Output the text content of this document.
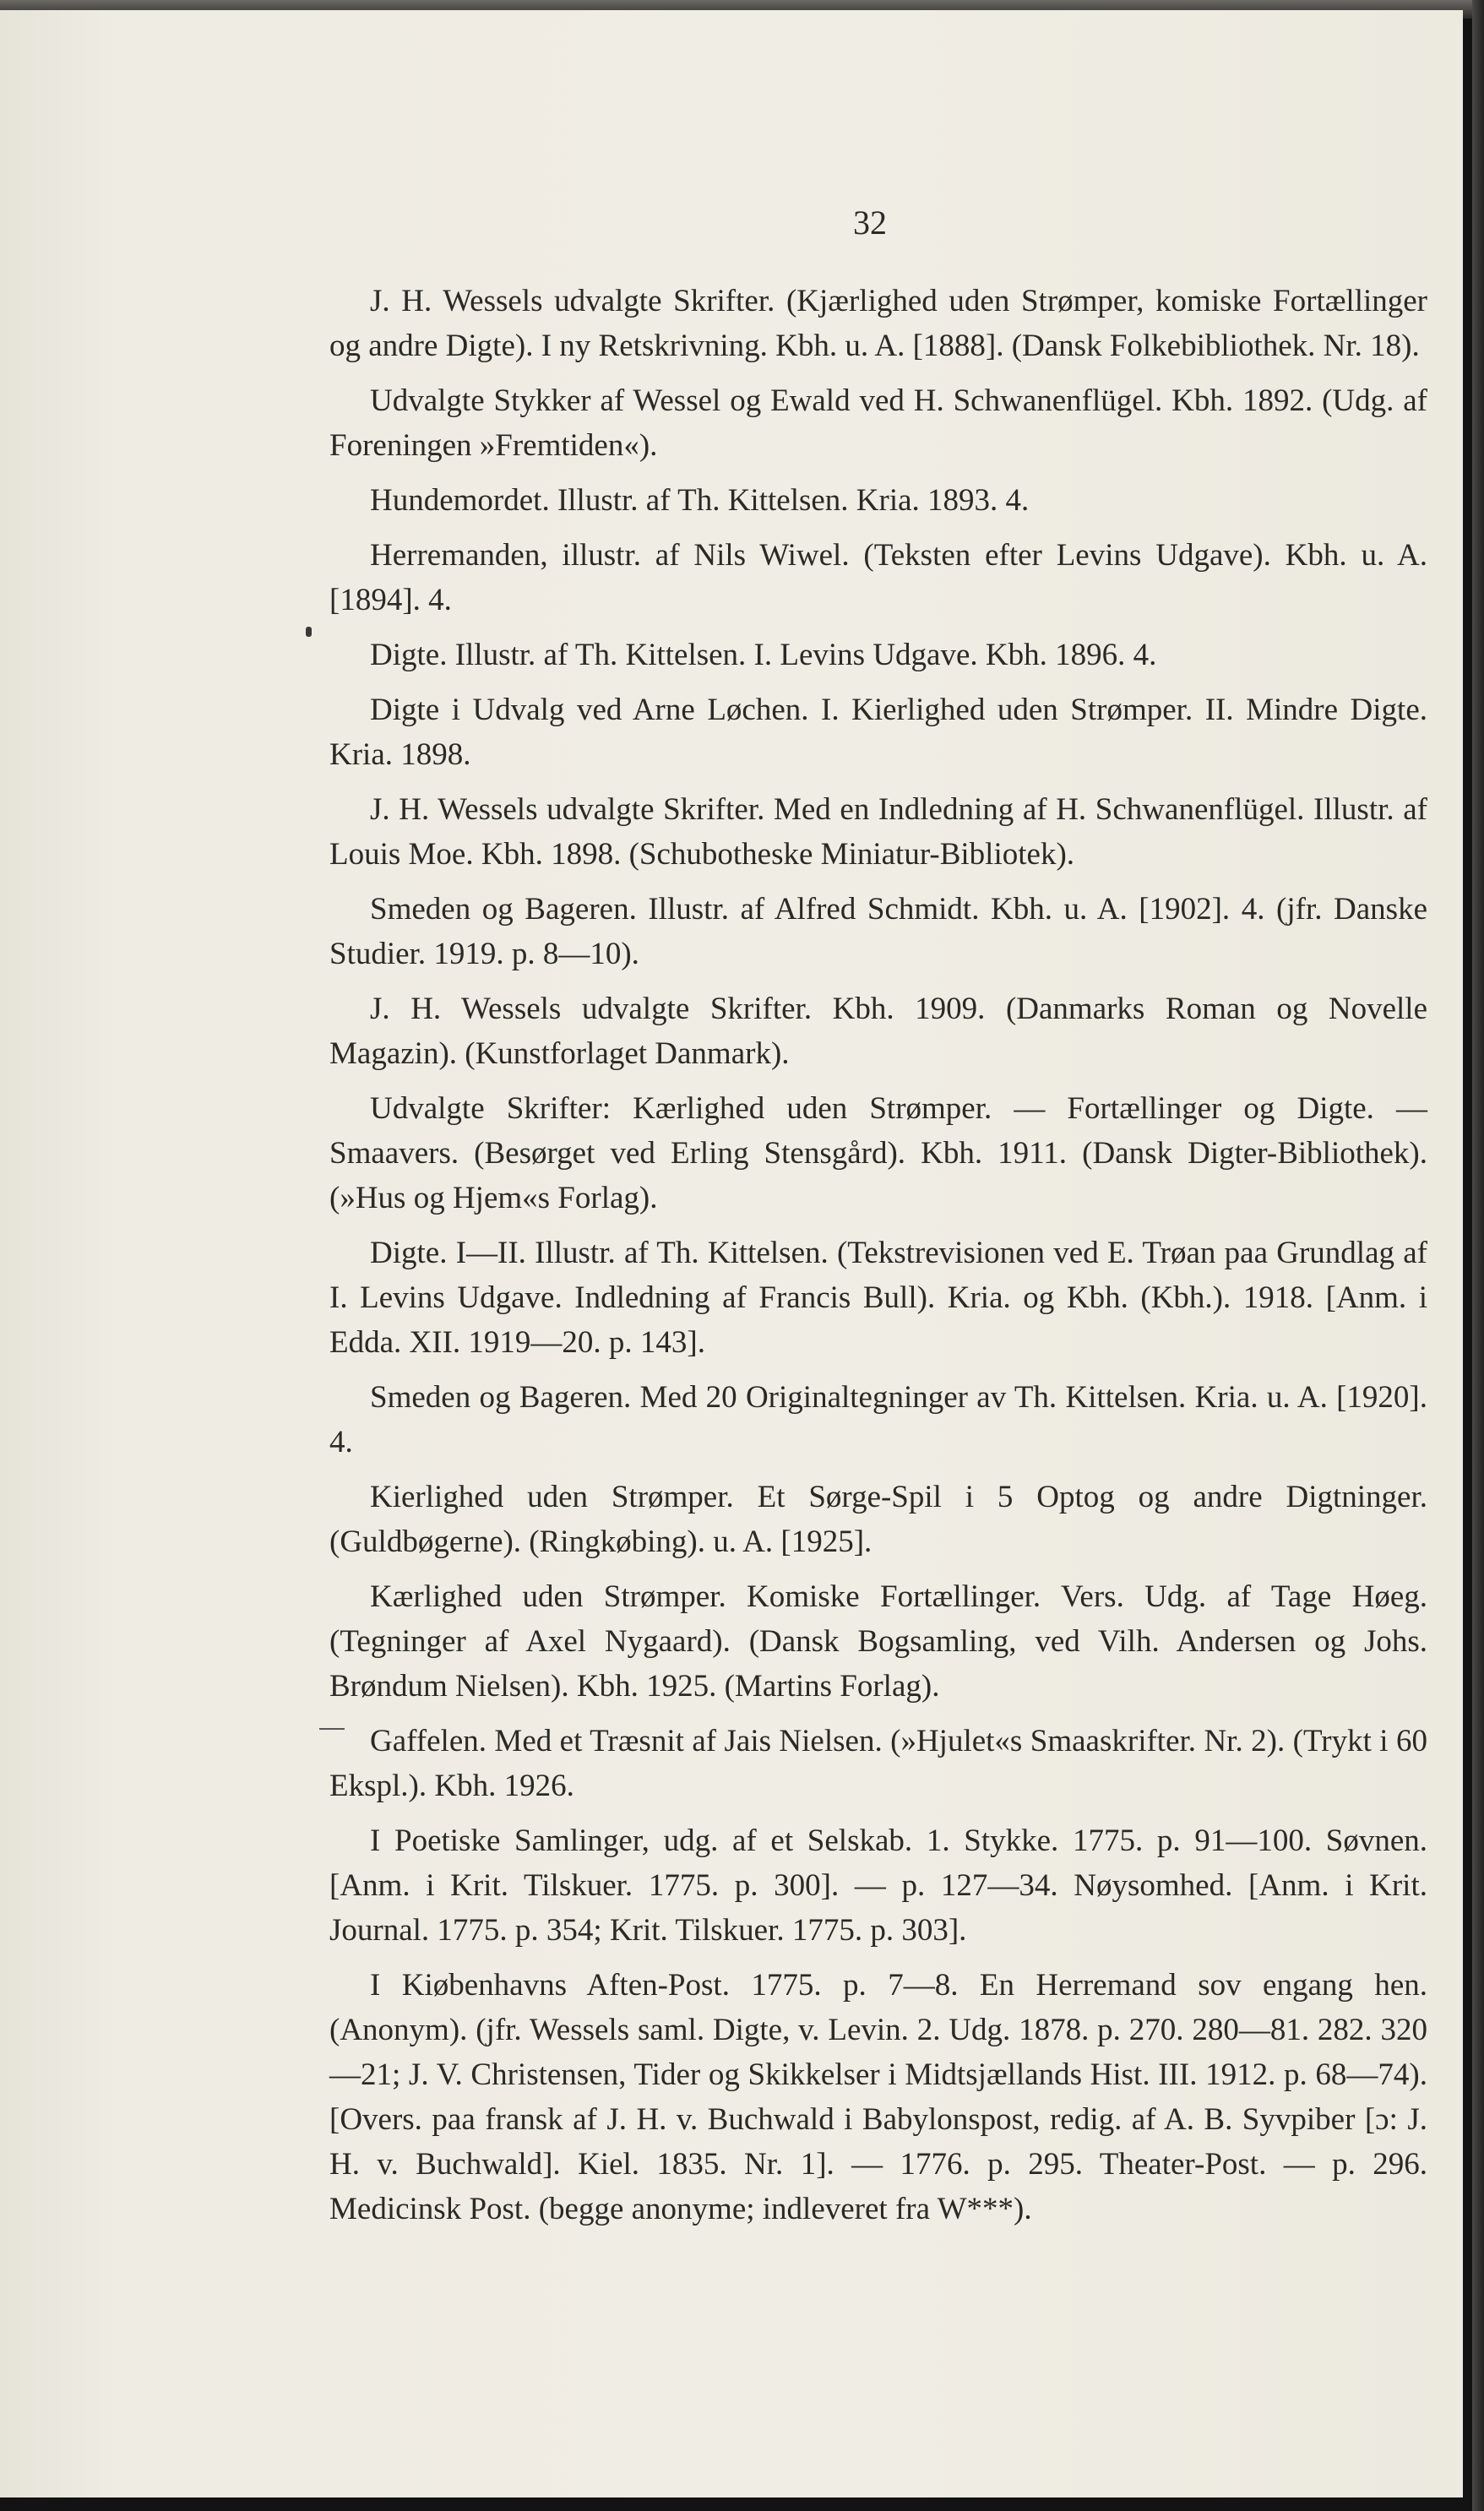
32

J. H. Wessels udvalgte Skrifter. (Kjærlighed uden Strømper, komiske Fortællinger og andre Digte). I ny Retskrivning. Kbh. u. A. [1888]. (Dansk Folkebibliothek. Nr. 18).

Udvalgte Stykker af Wessel og Ewald ved H. Schwanenflügel. Kbh. 1892. (Udg. af Foreningen »Fremtiden«).

Hundemordet. Illustr. af Th. Kittelsen. Kria. 1893. 4.

Herremanden, illustr. af Nils Wiwel. (Teksten efter Levins Udgave). Kbh. u. A. [1894]. 4.

Digte. Illustr. af Th. Kittelsen. I. Levins Udgave. Kbh. 1896. 4.

Digte i Udvalg ved Arne Løchen. I. Kierlighed uden Strømper. II. Mindre Digte. Kria. 1898.

J. H. Wessels udvalgte Skrifter. Med en Indledning af H. Schwanenflügel. Illustr. af Louis Moe. Kbh. 1898. (Schubotheske Miniatur-Bibliotek).

Smeden og Bageren. Illustr. af Alfred Schmidt. Kbh. u. A. [1902]. 4. (jfr. Danske Studier. 1919. p. 8—10).

J. H. Wessels udvalgte Skrifter. Kbh. 1909. (Danmarks Roman og Novelle Magazin). (Kunstforlaget Danmark).

Udvalgte Skrifter: Kærlighed uden Strømper. — Fortællinger og Digte. — Smaavers. (Besørget ved Erling Stensgård). Kbh. 1911. (Dansk Digter-Bibliothek). (»Hus og Hjem«s Forlag).

Digte. I—II. Illustr. af Th. Kittelsen. (Tekstrevisionen ved E. Trøan paa Grundlag af I. Levins Udgave. Indledning af Francis Bull). Kria. og Kbh. (Kbh.). 1918. [Anm. i Edda. XII. 1919—20. p. 143].

Smeden og Bageren. Med 20 Originaltegninger av Th. Kittelsen. Kria. u. A. [1920]. 4.

Kierlighed uden Strømper. Et Sørge-Spil i 5 Optog og andre Digtninger. (Guldbøgerne). (Ringkøbing). u. A. [1925].

Kærlighed uden Strømper. Komiske Fortællinger. Vers. Udg. af Tage Høeg. (Tegninger af Axel Nygaard). (Dansk Bogsamling, ved Vilh. Andersen og Johs. Brøndum Nielsen). Kbh. 1925. (Martins Forlag).

Gaffelen. Med et Træsnit af Jais Nielsen. (»Hjulet«s Smaaskrifter. Nr. 2). (Trykt i 60 Ekspl.). Kbh. 1926.

I Poetiske Samlinger, udg. af et Selskab. 1. Stykke. 1775. p. 91—100. Søvnen. [Anm. i Krit. Tilskuer. 1775. p. 300]. — p. 127—34. Nøysomhed. [Anm. i Krit. Journal. 1775. p. 354; Krit. Tilskuer. 1775. p. 303].

I Kiøbenhavns Aften-Post. 1775. p. 7—8. En Herremand sov engang hen. (Anonym). (jfr. Wessels saml. Digte, v. Levin. 2. Udg. 1878. p. 270. 280—81. 282. 320—21; J. V. Christensen, Tider og Skikkelser i Midtsjællands Hist. III. 1912. p. 68—74). [Overs. paa fransk af J. H. v. Buchwald i Babylonspost, redig. af A. B. Syvpiber [ɔ: J. H. v. Buchwald]. Kiel. 1835. Nr. 1]. — 1776. p. 295. Theater-Post. — p. 296. Medicinsk Post. (begge anonyme; indleveret fra W***).
